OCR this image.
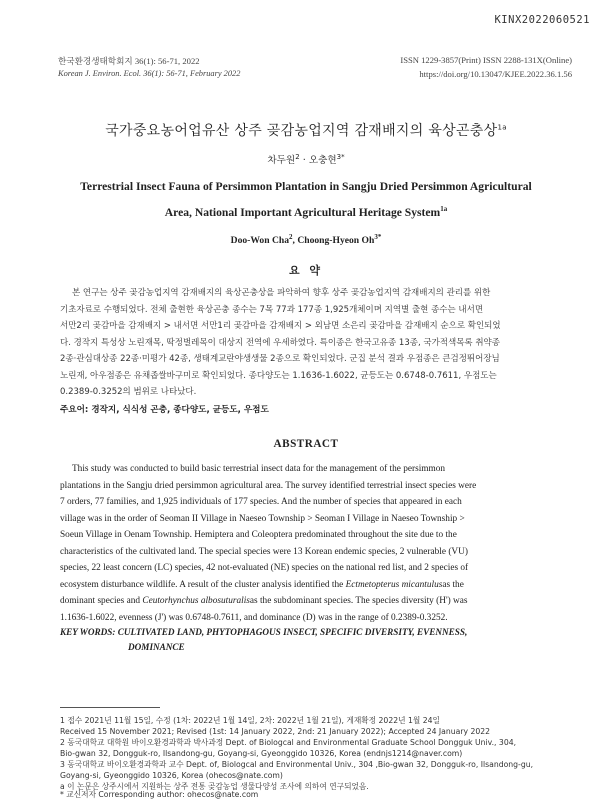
KINX2022060521
한국환경생태학회지 36(1): 56-71, 2022
Korean J. Environ. Ecol. 36(1): 56-71, February 2022
ISSN 1229-3857(Print) ISSN 2288-131X(Online)
https://doi.org/10.13047/KJEE.2022.36.1.56
국가중요농어업유산 상주 곶감농업지역 감재배지의 육상곤충상$^{1a}$
차두원$^2$ · 오충현$^{3*}$
Terrestrial Insect Fauna of Persimmon Plantation in Sangju Dried Persimmon Agricultural
Area, National Important Agricultural Heritage System$^{1a}$
Doo-Won Cha$^2$, Choong-Hyeon $Oh^{3*}$
요 약
본 연구는 상주 곶감농업지역 감재배지의 육상곤충상을 파악하여 향후 상주 곶감농업지역 감재배지의 관리를 위한
기초자료로 수행되었다. 전체 출현한 육상곤충 종수는 7목 77과 177종 1,925개체이며 지역별 출현 종수는 내서면
서만2리 곶감마을 감재배지 > 내서면 서만1리 곶감마을 감재배지 > 외남면 소은리 곶감마을 감재배지 순으로 확인되었
다. 경작지 특성상 노린재목, 딱정벌레목이 대상지 전역에 우세하였다. 특이종은 한국고유종 13종, 국가적색목록 취약종
2종·관심대상종 22종·미평가 42종, 생태계교란야생생물 2종으로 확인되었다. 군집 분석 결과 우점종은 큰검정뛰어장님
노린재, 아우점종은 유채좁쌀바구미로 확인되었다. 종다양도는 1.1636-1.6022, 균등도는 0.6748-0.7611, 우점도는
0.2389-0.3252의 범위로 나타났다.
주요어: 경작지, 식식성 곤충, 종다양도, 균등도, 우점도
ABSTRACT
This study was conducted to build basic terrestrial insect data for the management of the persimmon
plantations in the Sangju dried persimmon agricultural area. The survey identified terrestrial insect species were
7 orders, 77 families, and 1,925 individuals of 177 species. And the number of species that appeared in each
village was in the order of Seoman II Village in Naeseo Township > Seoman I Village in Naeseo Township >
Soeun Village in Oenam Township. Hemiptera and Coleoptera predominated throughout the site due to the
characteristics of the cultivated land. The special species were 13 Korean endemic species, 2 vulnerable (VU)
species, 22 least concern (LC) species, 42 not-evaluated (NE) species on the national red list, and 2 species of
ecosystem disturbance wildlife. A result of the cluster analysis identified the Ectmetopterus micantulusas the
dominant species and Ceutorhynchus albosuturalisas the subdominant species. The species diversity (H') was
1.1636-1.6022, evenness (J') was 0.6748-0.7611, and dominance (D) was in the range of 0.2389-0.3252.
KEY WORDS: CULTIVATED LAND, PHYTOPHAGOUS INSECT, SPECIFIC DIVERSITY, EVENNESS,
DOMINANCE
1 접수 2021년 11월 15일, 수정 (1차: 2022년 1월 14일, 2차: 2022년 1월 21일), 게재확정 2022년 1월 24일
Received 15 November 2021; Revised (1st: 14 January 2022, 2nd: 21 January 2022); Accepted 24 January 2022
2 동국대학교 대학원 바이오환경과학과 박사과정 Dept. of Biologcal and Environmental Graduate School Dongguk Univ., 304,
Bio-gwan 32, Dongguk-ro, Ilsandong-gu, Goyang-si, Gyeonggido 10326, Korea (endnjs1214@naver.com)
3 동국대학교 바이오환경과학과 교수 Dept. of, Biologcal and Environmental Univ., 304 ,Bio-gwan 32, Dongguk-ro, Ilsandong-gu,
Goyang-si, Gyeonggido 10326, Korea (ohecos@nate.com)
a 이 논문은 상주시에서 지원하는 상주 전통 곶감농업 생물다양성 조사에 의하여 연구되었음.
* 교신저자 Corresponding author: ohecos@nate.com
